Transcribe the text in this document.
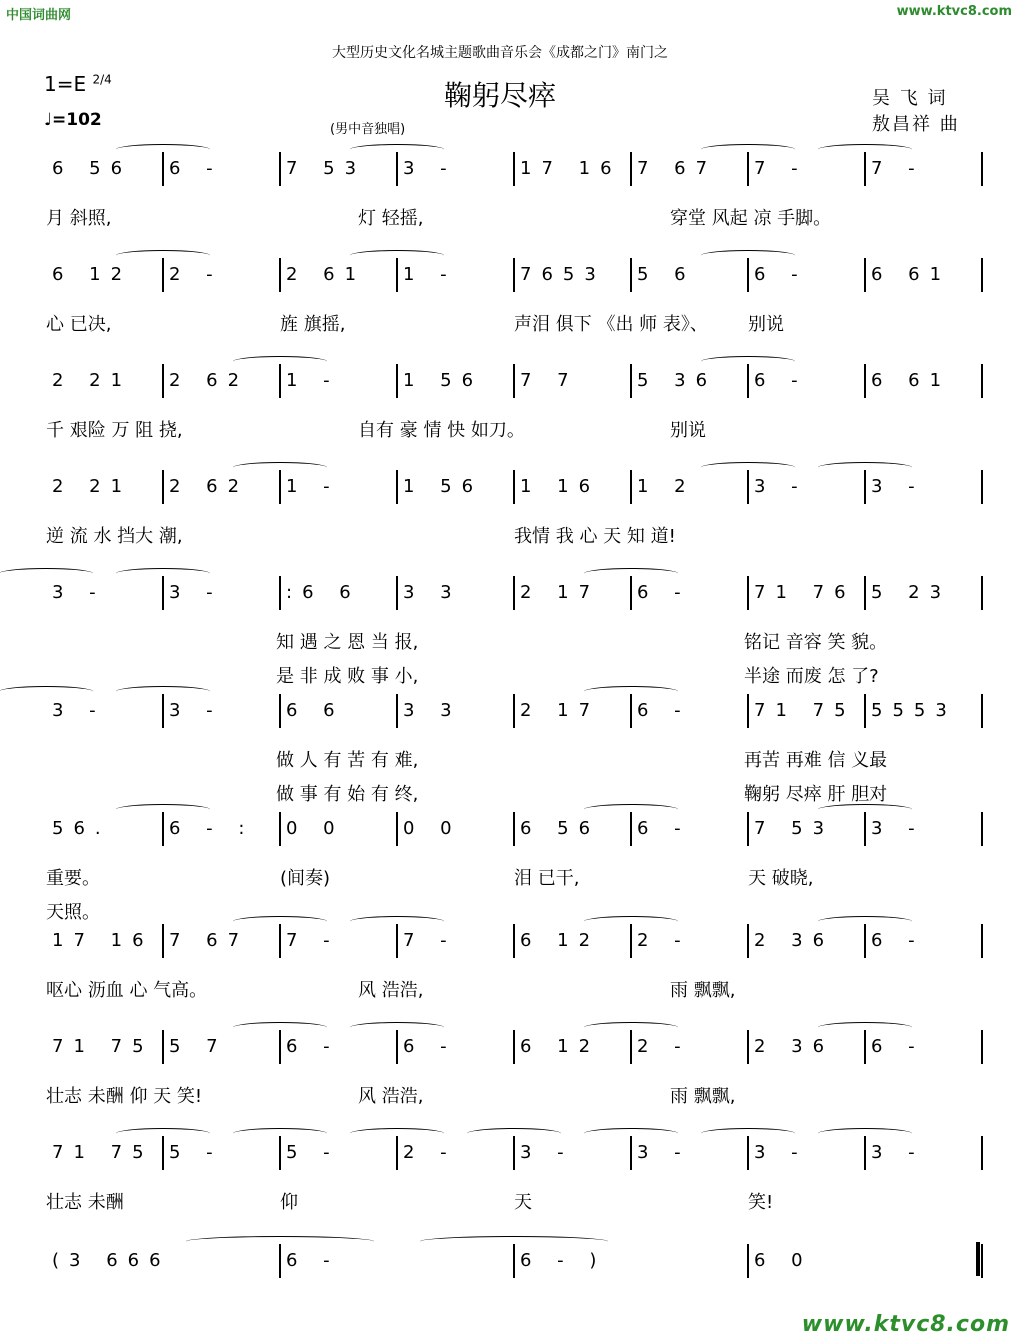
中国词曲网	www.ktvc8.com
大型历史文化名城主题歌曲音乐会《成都之门》南门之
鞠躬尽瘁
1=E $^{2/4}$
♩=102	(男中音独唱)
吴 飞 词
敖昌祥 曲
6 56 6 -	7 53 3 -	17 16 7 67 7 -	7 -
月 斜照,	灯 轻摇,	穿堂 风起 凉 手脚。
6 12 2 -	2 61 1 -	7653 5 6	6 -	6 61
心 已决,	旌 旗摇,	声泪 俱下 《出 师 表》、 别说
2 21 2 62 1 -	1 56 7 7	5 36 6 -	6 61
千 艰险 万 阻 挠,	自有 豪 情 快 如刀。	别说
2 21 2 62 1 -	1 56 1 16 1 2	3 -	3 -
逆 流 水 挡大 潮,	我情 我 心 天 知 道!
3 -	3 -	:6 6 3 3	2 17 6 -	71 76 5 23
知 遇 之 恩 当 报,	铭记 音容 笑 貌。
是 非 成 败 事 小,	半途 而废 怎 了?
3 -	3 -	6 6	3 3	2 17 6 -	71 75 5553
做 人 有 苦 有 难,	再苦 再难 信 义最
做 事 有 始 有 终,	鞠躬 尽瘁 肝 胆对
56.	6 - : 0 0	0 0	6 56 6 -	7 53 3 -
重要。	(间奏)	泪 已干,	天 破晓,
天照。
17 16 7 67 7 -	7 -	6 12 2 -	2 36 6 -
呕心 沥血 心 气高。	风 浩浩,	雨 飘飘,
71 75 5 7	6 -	6 -	6 12 2 -	2 36 6 -
壮志 未酬 仰 天 笑!	风 浩浩,	雨 飘飘,
71 75 5 -	5 -	2 -	3 -	3 -	3 -	3 -
壮志 未酬	仰	天	笑!
(3 666	6 -	6 - )	6 0
www.ktvc8.com
